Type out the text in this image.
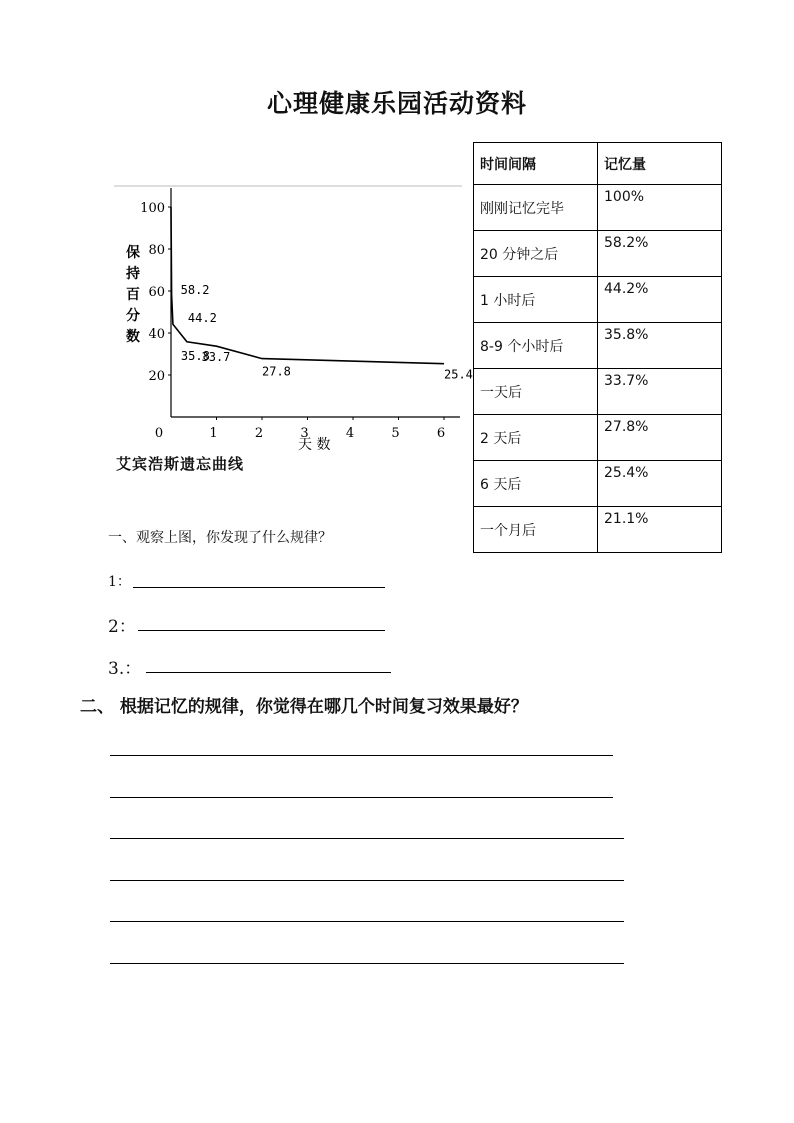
心理健康乐园活动资料
20
40
60
80
100
0	1	2	3	4	5	6
58.2
44.2
35.8
33.7
27.8	25.4
保
持
百
分
数
天 数
艾宾浩斯遗忘曲线
时间间隔	记忆量
刚刚记忆完毕	100%
20 分钟之后	58.2%
1 小时后	44.2%
8-9 个小时后	35.8%
一天后	33.7%
2 天后	27.8%
6 天后	25.4%
一个月后	21.1%
一、观察上图，你发现了什么规律？
1：
2：
3.：
二、 根据记忆的规律，你觉得在哪几个时间复习效果最好？
